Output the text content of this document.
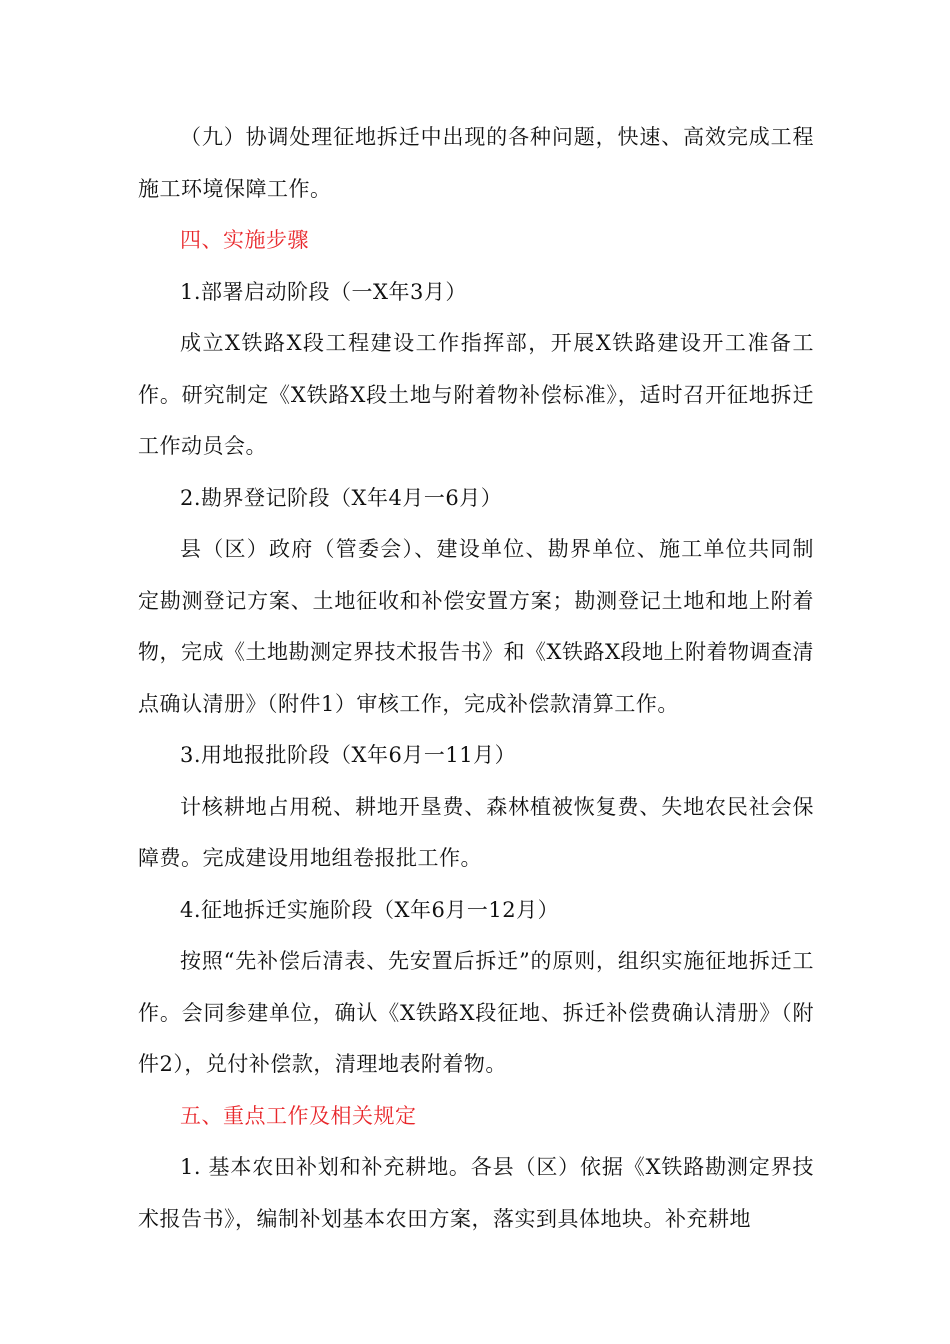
（九）协调处理征地拆迁中出现的各种问题，快速、高效完成工程施工环境保障工作。

四、实施步骤

1.部署启动阶段（一X年3月）

成立X铁路X段工程建设工作指挥部，开展X铁路建设开工准备工作。研究制定《X铁路X段土地与附着物补偿标准》，适时召开征地拆迁工作动员会。

2.勘界登记阶段（X年4月一6月）

县（区）政府（管委会）、建设单位、勘界单位、施工单位共同制定勘测登记方案、土地征收和补偿安置方案；勘测登记土地和地上附着物，完成《土地勘测定界技术报告书》和《X铁路X段地上附着物调查清点确认清册》（附件1）审核工作，完成补偿款清算工作。

3.用地报批阶段（X年6月一11月）

计核耕地占用税、耕地开垦费、森林植被恢复费、失地农民社会保障费。完成建设用地组卷报批工作。

4.征地拆迁实施阶段（X年6月一12月）

按照“先补偿后清表、先安置后拆迁”的原则，组织实施征地拆迁工作。会同参建单位，确认《X铁路X段征地、拆迁补偿费确认清册》（附件2），兑付补偿款，清理地表附着物。

五、重点工作及相关规定

1. 基本农田补划和补充耕地。各县（区）依据《X铁路勘测定界技术报告书》，编制补划基本农田方案，落实到具体地块。补充耕地
